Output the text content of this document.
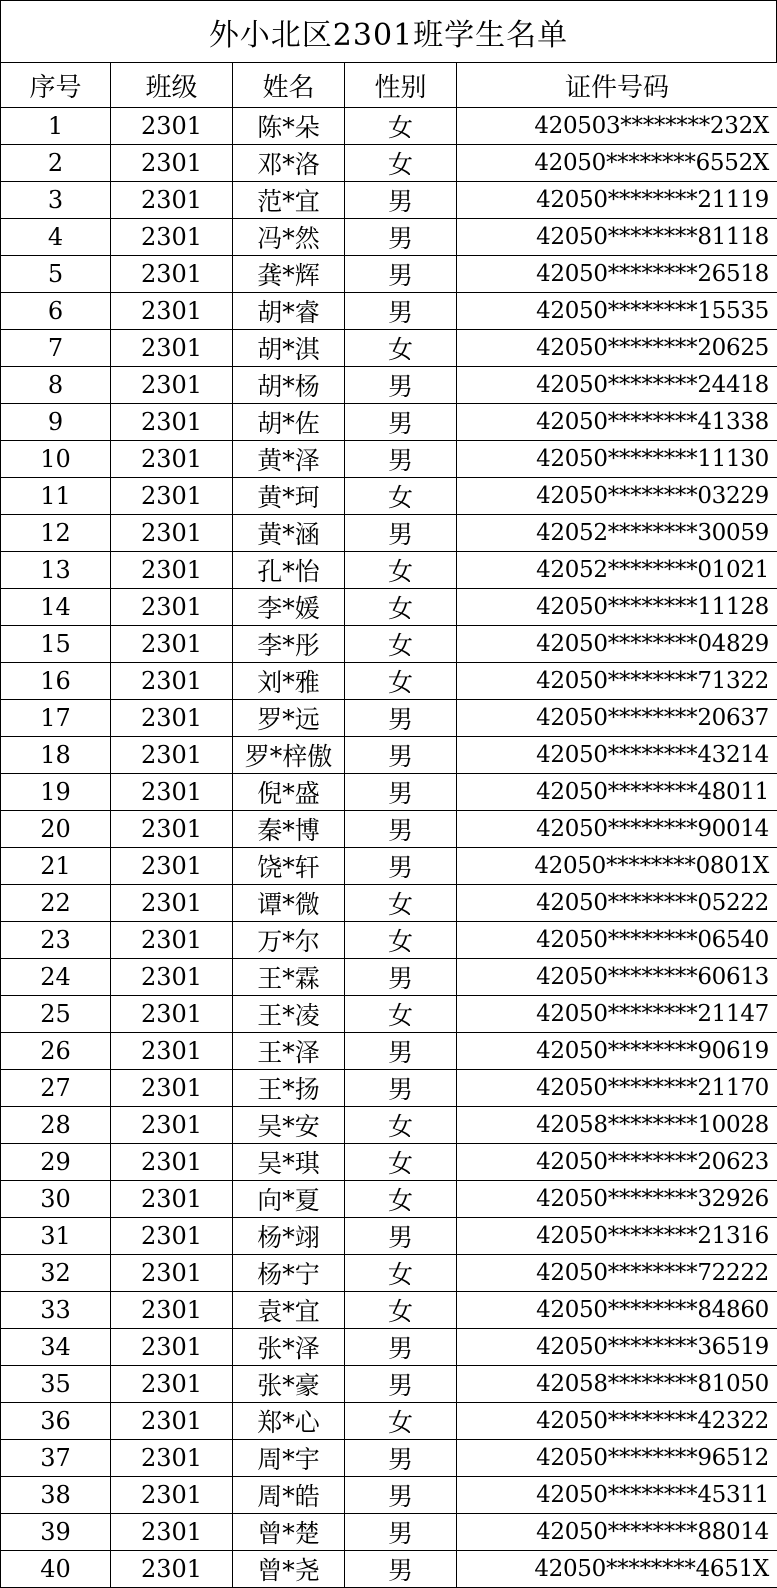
外小北区2301班学生名单
序号	班级	姓名	性别	证件号码
1	2301	陈*朵	女	420503********232X
2	2301	邓*洛	女	42050********6552X
3	2301	范*宜	男	42050********21119
4	2301	冯*然	男	42050********81118
5	2301	龚*辉	男	42050********26518
6	2301	胡*睿	男	42050********15535
7	2301	胡*淇	女	42050********20625
8	2301	胡*杨	男	42050********24418
9	2301	胡*佐	男	42050********41338
10	2301	黄*泽	男	42050********11130
11	2301	黄*珂	女	42050********03229
12	2301	黄*涵	男	42052********30059
13	2301	孔*怡	女	42052********01021
14	2301	李*媛	女	42050********11128
15	2301	李*彤	女	42050********04829
16	2301	刘*雅	女	42050********71322
17	2301	罗*远	男	42050********20637
18	2301	罗*梓傲	男	42050********43214
19	2301	倪*盛	男	42050********48011
20	2301	秦*博	男	42050********90014
21	2301	饶*轩	男	42050********0801X
22	2301	谭*微	女	42050********05222
23	2301	万*尔	女	42050********06540
24	2301	王*霖	男	42050********60613
25	2301	王*凌	女	42050********21147
26	2301	王*泽	男	42050********90619
27	2301	王*扬	男	42050********21170
28	2301	吴*安	女	42058********10028
29	2301	吴*琪	女	42050********20623
30	2301	向*夏	女	42050********32926
31	2301	杨*翊	男	42050********21316
32	2301	杨*宁	女	42050********72222
33	2301	袁*宜	女	42050********84860
34	2301	张*泽	男	42050********36519
35	2301	张*豪	男	42058********81050
36	2301	郑*心	女	42050********42322
37	2301	周*宇	男	42050********96512
38	2301	周*皓	男	42050********45311
39	2301	曾*楚	男	42050********88014
40	2301	曾*尧	男	42050********4651X
